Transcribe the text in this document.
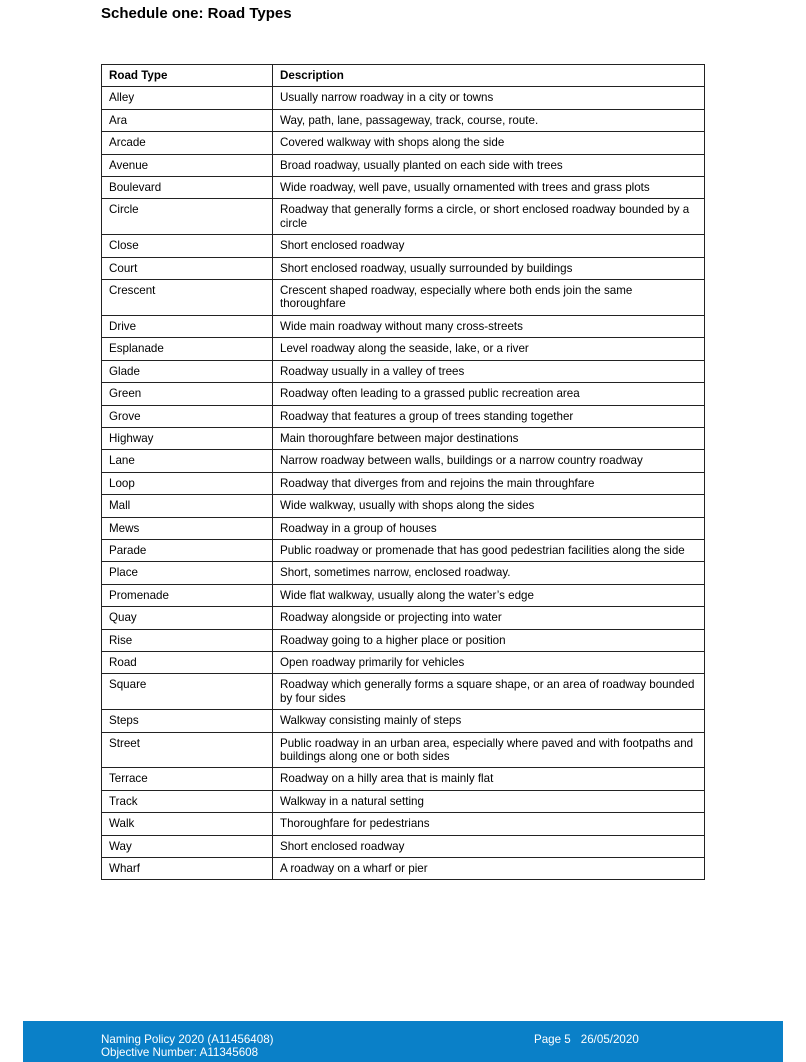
Schedule one: Road Types
Road Type	Description
Alley	Usually narrow roadway in a city or towns
Ara	Way, path, lane, passageway, track, course, route.
Arcade	Covered walkway with shops along the side
Avenue	Broad roadway, usually planted on each side with trees
Boulevard	Wide roadway, well pave, usually ornamented with trees and grass plots
Circle	Roadway that generally forms a circle, or short enclosed roadway bounded by a circle
Close	Short enclosed roadway
Court	Short enclosed roadway, usually surrounded by buildings
Crescent	Crescent shaped roadway, especially where both ends join the same thoroughfare
Drive	Wide main roadway without many cross-streets
Esplanade	Level roadway along the seaside, lake, or a river
Glade	Roadway usually in a valley of trees
Green	Roadway often leading to a grassed public recreation area
Grove	Roadway that features a group of trees standing together
Highway	Main thoroughfare between major destinations
Lane	Narrow roadway between walls, buildings or a narrow country roadway
Loop	Roadway that diverges from and rejoins the main throughfare
Mall	Wide walkway, usually with shops along the sides
Mews	Roadway in a group of houses
Parade	Public roadway or promenade that has good pedestrian facilities along the side
Place	Short, sometimes narrow, enclosed roadway.
Promenade	Wide flat walkway, usually along the water’s edge
Quay	Roadway alongside or projecting into water
Rise	Roadway going to a higher place or position
Road	Open roadway primarily for vehicles
Square	Roadway which generally forms a square shape, or an area of roadway bounded by four sides
Steps	Walkway consisting mainly of steps
Street	Public roadway in an urban area, especially where paved and with footpaths and buildings along one or both sides
Terrace	Roadway on a hilly area that is mainly flat
Track	Walkway in a natural setting
Walk	Thoroughfare for pedestrians
Way	Short enclosed roadway
Wharf	A roadway on a wharf or pier
Naming Policy 2020 (A11456408)
Objective Number: A11345608
Page 5 26/05/2020
